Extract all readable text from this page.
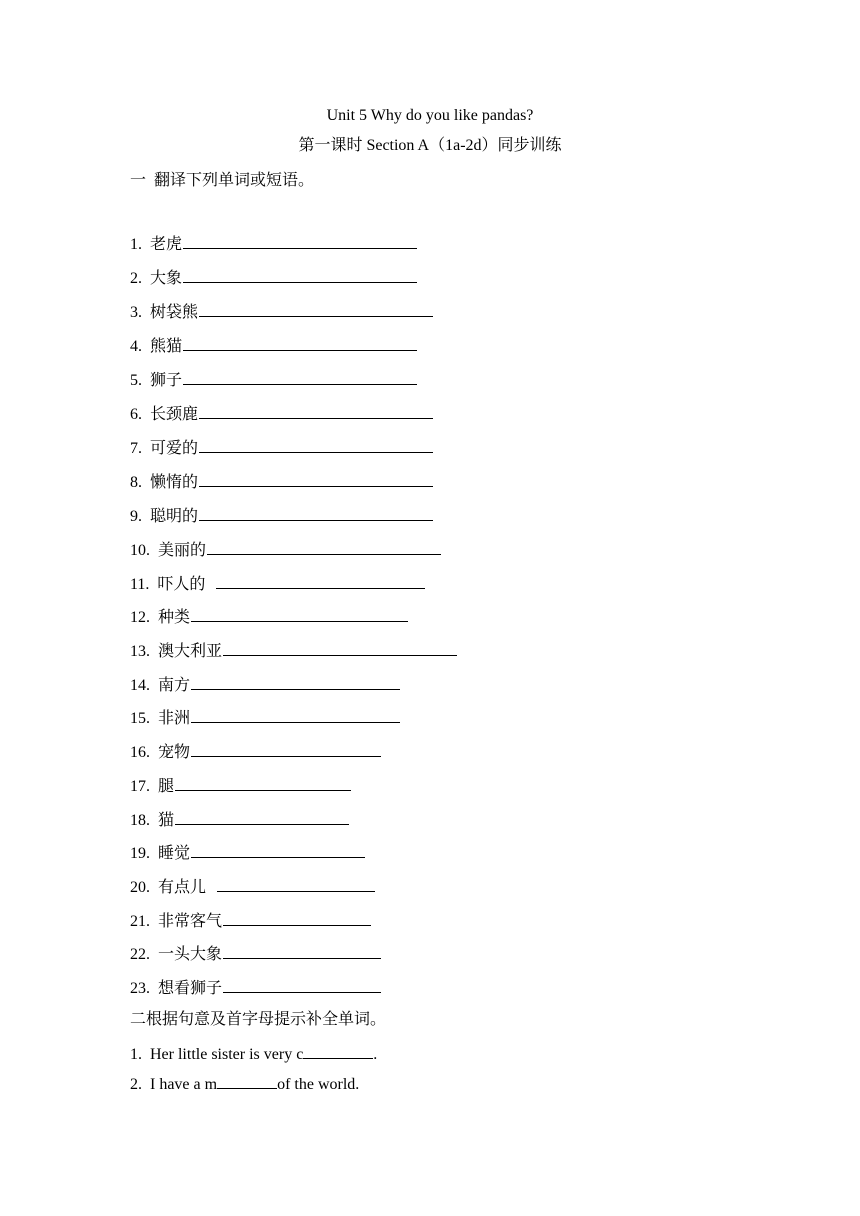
Unit 5 Why do you like pandas?
第一课时 Section A（1a-2d）同步训练
一  翻译下列单词或短语。
1. 老虎
2. 大象
3. 树袋熊
4. 熊猫
5. 狮子
6. 长颈鹿
7. 可爱的
8. 懒惰的
9. 聪明的
10. 美丽的
11. 吓人的
12. 种类
13. 澳大利亚
14. 南方
15. 非洲
16. 宠物
17. 腿
18. 猫
19. 睡觉
20. 有点儿
21. 非常客气
22. 一头大象
23. 想看狮子
二根据句意及首字母提示补全单词。
1. Her little sister is very c	.
2. I have a m	of the world.
